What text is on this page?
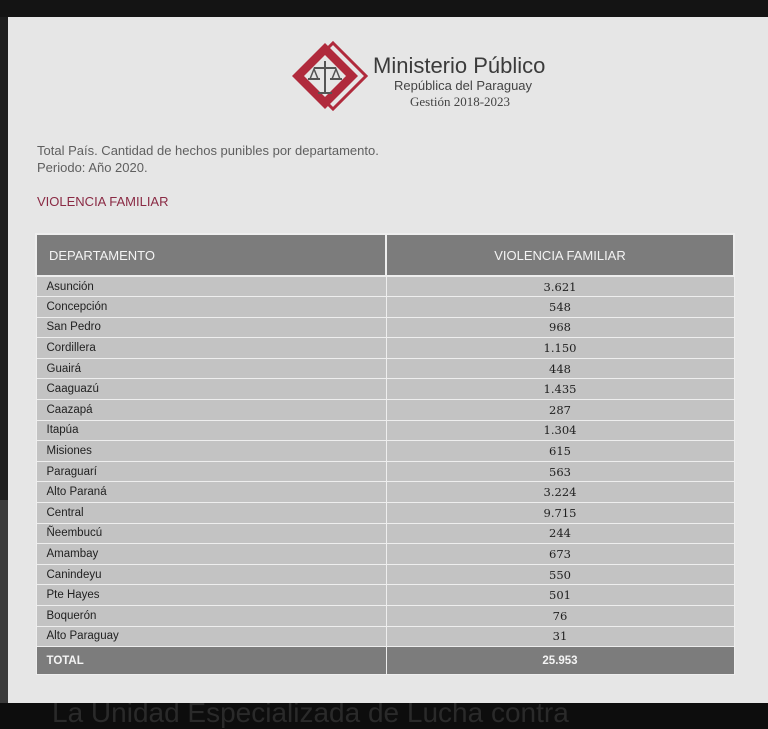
Ministerio Público
República del Paraguay
Gestión 2018-2023
Total País. Cantidad de hechos punibles por departamento.
Periodo: Año 2020.
VIOLENCIA FAMILIAR
DEPARTAMENTO	VIOLENCIA FAMILIAR
Asunción	3.621
Concepción	548
San Pedro	968
Cordillera	1.150
Guairá	448
Caaguazú	1.435
Caazapá	287
Itapúa	1.304
Misiones	615
Paraguarí	563
Alto Paraná	3.224
Central	9.715
Ñeembucú	244
Amambay	673
Canindeyu	550
Pte Hayes	501
Boquerón	76
Alto Paraguay	31
TOTAL	25.953
La Unidad Especializada de Lucha contra
